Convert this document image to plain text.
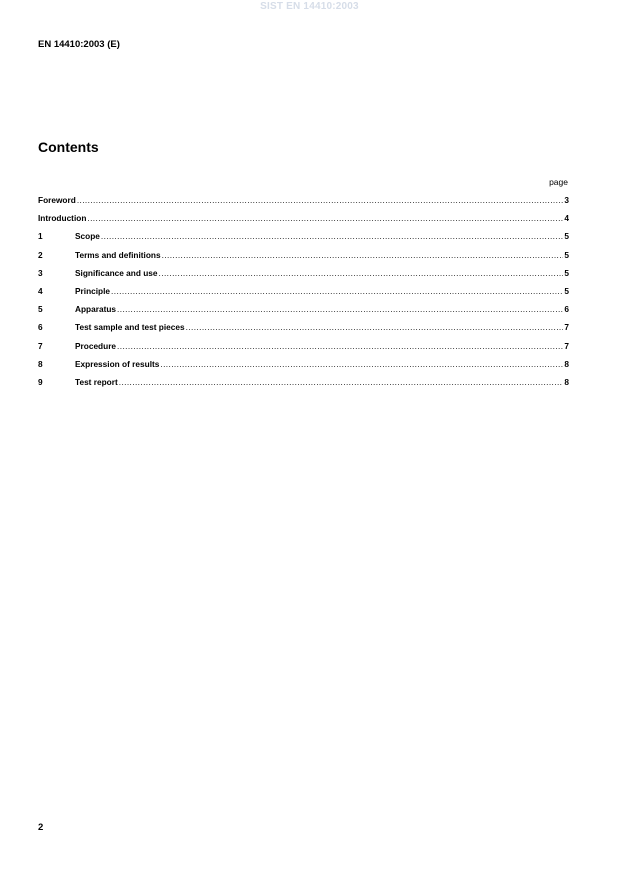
SIST EN 14410:2003
EN 14410:2003 (E)
Contents
page
Foreword .....	3
Introduction .....	4
1	Scope .....	5
2	Terms and definitions .....	5
3	Significance and use .....	5
4	Principle .....	5
5	Apparatus .....	6
6	Test sample and test pieces .....	7
7	Procedure .....	7
8	Expression of results .....	8
9	Test report .....	8
2
